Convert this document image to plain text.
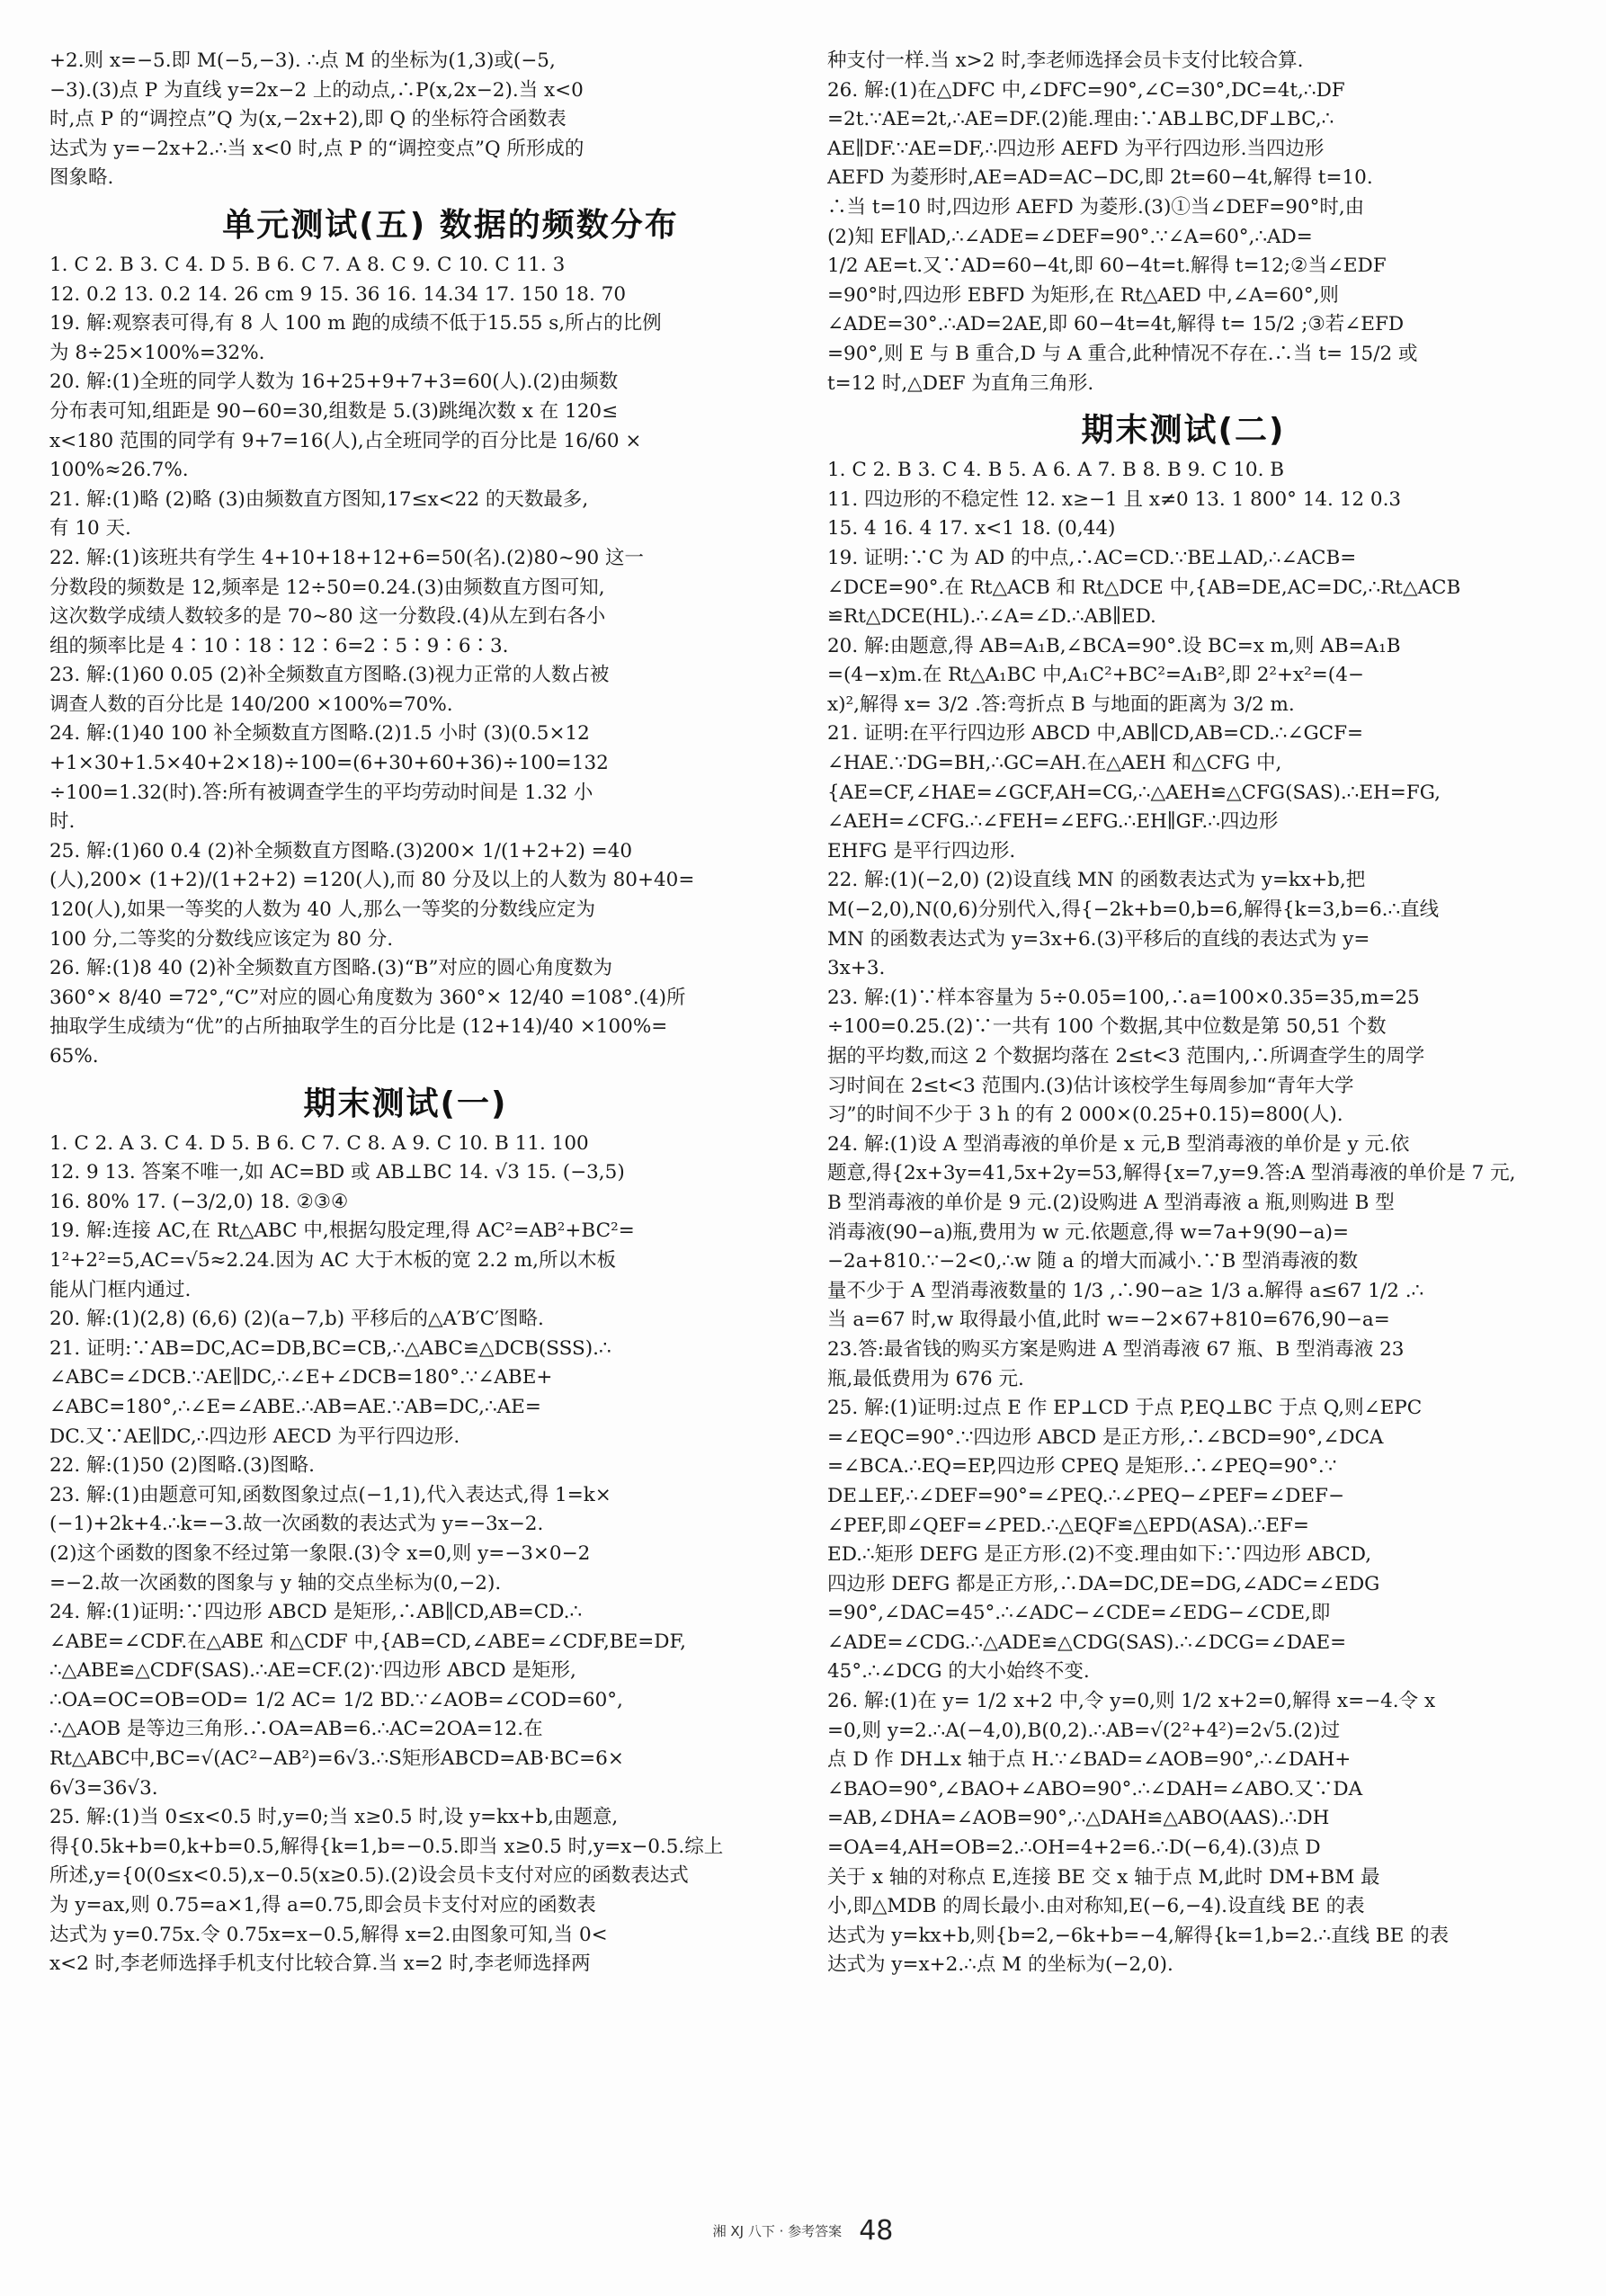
+2.则 x=−5.即 M(−5,−3). ∴点 M 的坐标为(1,3)或(−5,

−3).(3)点 P 为直线 y=2x−2 上的动点,∴P(x,2x−2).当 x<0

时,点 P 的“调控点”Q 为(x,−2x+2),即 Q 的坐标符合函数表

达式为 y=−2x+2.∴当 x<0 时,点 P 的“调控变点”Q 所形成的

图象略.

单元测试(五) 数据的频数分布

1. C 2. B 3. C 4. D 5. B 6. C 7. A 8. C 9. C 10. C 11. 3

12. 0.2 13. 0.2 14. 26 cm 9 15. 36 16. 14.34 17. 150 18. 70

19. 解:观察表可得,有 8 人 100 m 跑的成绩不低于15.55 s,所占的比例

为 8÷25×100%=32%.

20. 解:(1)全班的同学人数为 16+25+9+7+3=60(人).(2)由频数

分布表可知,组距是 90−60=30,组数是 5.(3)跳绳次数 x 在 120≤

x<180 范围的同学有 9+7=16(人),占全班同学的百分比是 16/60 ×

100%≈26.7%.

21. 解:(1)略 (2)略 (3)由频数直方图知,17≤x<22 的天数最多,

有 10 天.

22. 解:(1)该班共有学生 4+10+18+12+6=50(名).(2)80~90 这一

分数段的频数是 12,频率是 12÷50=0.24.(3)由频数直方图可知,

这次数学成绩人数较多的是 70~80 这一分数段.(4)从左到右各小

组的频率比是 4∶10∶18∶12∶6=2∶5∶9∶6∶3.

23. 解:(1)60 0.05 (2)补全频数直方图略.(3)视力正常的人数占被

调查人数的百分比是 140/200 ×100%=70%.

24. 解:(1)40 100 补全频数直方图略.(2)1.5 小时 (3)(0.5×12

+1×30+1.5×40+2×18)÷100=(6+30+60+36)÷100=132

÷100=1.32(时).答:所有被调查学生的平均劳动时间是 1.32 小

时.

25. 解:(1)60 0.4 (2)补全频数直方图略.(3)200× 1/(1+2+2) =40

(人),200× (1+2)/(1+2+2) =120(人),而 80 分及以上的人数为 80+40=

120(人),如果一等奖的人数为 40 人,那么一等奖的分数线应定为

100 分,二等奖的分数线应该定为 80 分.

26. 解:(1)8 40 (2)补全频数直方图略.(3)“B”对应的圆心角度数为

360°× 8/40 =72°,“C”对应的圆心角度数为 360°× 12/40 =108°.(4)所

抽取学生成绩为“优”的占所抽取学生的百分比是 (12+14)/40 ×100%=

65%.

期末测试(一)

1. C 2. A 3. C 4. D 5. B 6. C 7. C 8. A 9. C 10. B 11. 100

12. 9 13. 答案不唯一,如 AC=BD 或 AB⊥BC 14. √3 15. (−3,5)

16. 80% 17. (−3/2,0) 18. ②③④

19. 解:连接 AC,在 Rt△ABC 中,根据勾股定理,得 AC²=AB²+BC²=

1²+2²=5,AC=√5≈2.24.因为 AC 大于木板的宽 2.2 m,所以木板

能从门框内通过.

20. 解:(1)(2,8) (6,6) (2)(a−7,b) 平移后的△A′B′C′图略.

21. 证明:∵AB=DC,AC=DB,BC=CB,∴△ABC≌△DCB(SSS).∴

∠ABC=∠DCB.∵AE∥DC,∴∠E+∠DCB=180°.∵∠ABE+

∠ABC=180°,∴∠E=∠ABE.∴AB=AE.∵AB=DC,∴AE=

DC.又∵AE∥DC,∴四边形 AECD 为平行四边形.

22. 解:(1)50 (2)图略.(3)图略.

23. 解:(1)由题意可知,函数图象过点(−1,1),代入表达式,得 1=k×

(−1)+2k+4.∴k=−3.故一次函数的表达式为 y=−3x−2.

(2)这个函数的图象不经过第一象限.(3)令 x=0,则 y=−3×0−2

=−2.故一次函数的图象与 y 轴的交点坐标为(0,−2).

24. 解:(1)证明:∵四边形 ABCD 是矩形,∴AB∥CD,AB=CD.∴

∠ABE=∠CDF.在△ABE 和△CDF 中,{AB=CD,∠ABE=∠CDF,BE=DF,

∴△ABE≌△CDF(SAS).∴AE=CF.(2)∵四边形 ABCD 是矩形,

∴OA=OC=OB=OD= 1/2 AC= 1/2 BD.∵∠AOB=∠COD=60°,

∴△AOB 是等边三角形.∴OA=AB=6.∴AC=2OA=12.在

Rt△ABC中,BC=√(AC²−AB²)=6√3.∴S矩形ABCD=AB·BC=6×

6√3=36√3.

25. 解:(1)当 0≤x<0.5 时,y=0;当 x≥0.5 时,设 y=kx+b,由题意,

得{0.5k+b=0,k+b=0.5,解得{k=1,b=−0.5.即当 x≥0.5 时,y=x−0.5.综上

所述,y={0(0≤x<0.5),x−0.5(x≥0.5).(2)设会员卡支付对应的函数表达式

为 y=ax,则 0.75=a×1,得 a=0.75,即会员卡支付对应的函数表

达式为 y=0.75x.令 0.75x=x−0.5,解得 x=2.由图象可知,当 0<

x<2 时,李老师选择手机支付比较合算.当 x=2 时,李老师选择两

种支付一样.当 x>2 时,李老师选择会员卡支付比较合算.

26. 解:(1)在△DFC 中,∠DFC=90°,∠C=30°,DC=4t,∴DF

=2t.∵AE=2t,∴AE=DF.(2)能.理由:∵AB⊥BC,DF⊥BC,∴

AE∥DF.∵AE=DF,∴四边形 AEFD 为平行四边形.当四边形

AEFD 为菱形时,AE=AD=AC−DC,即 2t=60−4t,解得 t=10.

∴当 t=10 时,四边形 AEFD 为菱形.(3)①当∠DEF=90°时,由

(2)知 EF∥AD,∴∠ADE=∠DEF=90°.∵∠A=60°,∴AD=

1/2 AE=t.又∵AD=60−4t,即 60−4t=t.解得 t=12;②当∠EDF

=90°时,四边形 EBFD 为矩形,在 Rt△AED 中,∠A=60°,则

∠ADE=30°.∴AD=2AE,即 60−4t=4t,解得 t= 15/2 ;③若∠EFD

=90°,则 E 与 B 重合,D 与 A 重合,此种情况不存在.∴当 t= 15/2 或

t=12 时,△DEF 为直角三角形.

期末测试(二)

1. C 2. B 3. C 4. B 5. A 6. A 7. B 8. B 9. C 10. B

11. 四边形的不稳定性 12. x≥−1 且 x≠0 13. 1 800° 14. 12 0.3

15. 4 16. 4 17. x<1 18. (0,44)

19. 证明:∵C 为 AD 的中点,∴AC=CD.∵BE⊥AD,∴∠ACB=

∠DCE=90°.在 Rt△ACB 和 Rt△DCE 中,{AB=DE,AC=DC,∴Rt△ACB

≌Rt△DCE(HL).∴∠A=∠D.∴AB∥ED.

20. 解:由题意,得 AB=A₁B,∠BCA=90°.设 BC=x m,则 AB=A₁B

=(4−x)m.在 Rt△A₁BC 中,A₁C²+BC²=A₁B²,即 2²+x²=(4−

x)²,解得 x= 3/2 .答:弯折点 B 与地面的距离为 3/2 m.

21. 证明:在平行四边形 ABCD 中,AB∥CD,AB=CD.∴∠GCF=

∠HAE.∵DG=BH,∴GC=AH.在△AEH 和△CFG 中,

{AE=CF,∠HAE=∠GCF,AH=CG,∴△AEH≌△CFG(SAS).∴EH=FG,

∠AEH=∠CFG.∴∠FEH=∠EFG.∴EH∥GF.∴四边形

EHFG 是平行四边形.

22. 解:(1)(−2,0) (2)设直线 MN 的函数表达式为 y=kx+b,把

M(−2,0),N(0,6)分别代入,得{−2k+b=0,b=6,解得{k=3,b=6.∴直线

MN 的函数表达式为 y=3x+6.(3)平移后的直线的表达式为 y=

3x+3.

23. 解:(1)∵样本容量为 5÷0.05=100,∴a=100×0.35=35,m=25

÷100=0.25.(2)∵一共有 100 个数据,其中位数是第 50,51 个数

据的平均数,而这 2 个数据均落在 2≤t<3 范围内,∴所调查学生的周学

习时间在 2≤t<3 范围内.(3)估计该校学生每周参加“青年大学

习”的时间不少于 3 h 的有 2 000×(0.25+0.15)=800(人).

24. 解:(1)设 A 型消毒液的单价是 x 元,B 型消毒液的单价是 y 元.依

题意,得{2x+3y=41,5x+2y=53,解得{x=7,y=9.答:A 型消毒液的单价是 7 元,

B 型消毒液的单价是 9 元.(2)设购进 A 型消毒液 a 瓶,则购进 B 型

消毒液(90−a)瓶,费用为 w 元.依题意,得 w=7a+9(90−a)=

−2a+810.∵−2<0,∴w 随 a 的增大而减小.∵B 型消毒液的数

量不少于 A 型消毒液数量的 1/3 ,∴90−a≥ 1/3 a.解得 a≤67 1/2 .∴

当 a=67 时,w 取得最小值,此时 w=−2×67+810=676,90−a=

23.答:最省钱的购买方案是购进 A 型消毒液 67 瓶、B 型消毒液 23

瓶,最低费用为 676 元.

25. 解:(1)证明:过点 E 作 EP⊥CD 于点 P,EQ⊥BC 于点 Q,则∠EPC

=∠EQC=90°.∵四边形 ABCD 是正方形,∴∠BCD=90°,∠DCA

=∠BCA.∴EQ=EP,四边形 CPEQ 是矩形.∴∠PEQ=90°.∵

DE⊥EF,∴∠DEF=90°=∠PEQ.∴∠PEQ−∠PEF=∠DEF−

∠PEF,即∠QEF=∠PED.∴△EQF≌△EPD(ASA).∴EF=

ED.∴矩形 DEFG 是正方形.(2)不变.理由如下:∵四边形 ABCD,

四边形 DEFG 都是正方形,∴DA=DC,DE=DG,∠ADC=∠EDG

=90°,∠DAC=45°.∴∠ADC−∠CDE=∠EDG−∠CDE,即

∠ADE=∠CDG.∴△ADE≌△CDG(SAS).∴∠DCG=∠DAE=

45°.∴∠DCG 的大小始终不变.

26. 解:(1)在 y= 1/2 x+2 中,令 y=0,则 1/2 x+2=0,解得 x=−4.令 x

=0,则 y=2.∴A(−4,0),B(0,2).∴AB=√(2²+4²)=2√5.(2)过

点 D 作 DH⊥x 轴于点 H.∵∠BAD=∠AOB=90°,∴∠DAH+

∠BAO=90°,∠BAO+∠ABO=90°.∴∠DAH=∠ABO.又∵DA

=AB,∠DHA=∠AOB=90°,∴△DAH≌△ABO(AAS).∴DH

=OA=4,AH=OB=2.∴OH=4+2=6.∴D(−6,4).(3)点 D

关于 x 轴的对称点 E,连接 BE 交 x 轴于点 M,此时 DM+BM 最

小,即△MDB 的周长最小.由对称知,E(−6,−4).设直线 BE 的表

达式为 y=kx+b,则{b=2,−6k+b=−4,解得{k=1,b=2.∴直线 BE 的表

达式为 y=x+2.∴点 M 的坐标为(−2,0).

湘 XJ 八下 · 参考答案 48
